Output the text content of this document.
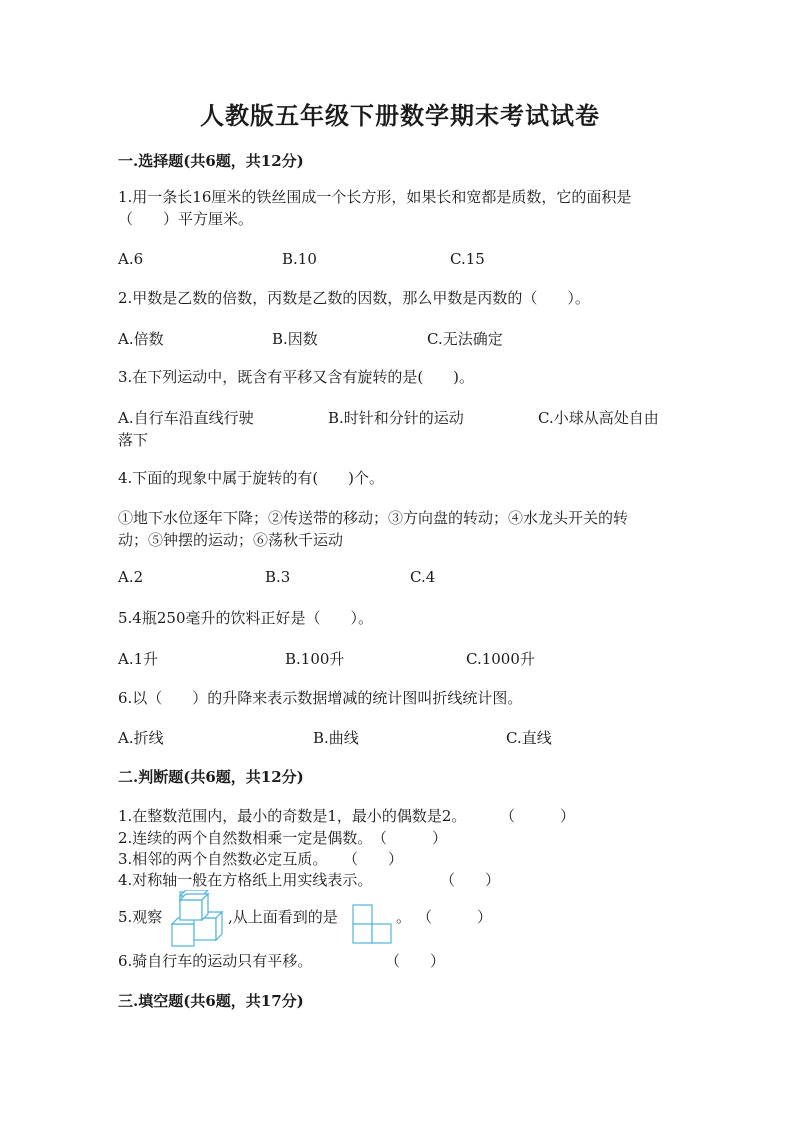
人教版五年级下册数学期末考试试卷
一.选择题(共6题，共12分)
1.用一条长16厘米的铁丝围成一个长方形，如果长和宽都是质数，它的面积是
（　　）平方厘米。
A.6	B.10	C.15
2.甲数是乙数的倍数，丙数是乙数的因数，那么甲数是丙数的（　　）。
A.倍数	B.因数	C.无法确定
3.在下列运动中，既含有平移又含有旋转的是(　　)。
A.自行车沿直线行驶	B.时针和分针的运动	C.小球从高处自由
落下
4.下面的现象中属于旋转的有(　　)个。
①地下水位逐年下降；②传送带的移动；③方向盘的转动；④水龙头开关的转
动；⑤钟摆的运动；⑥荡秋千运动
A.2	B.3	C.4
5.4瓶250毫升的饮料正好是（　　）。
A.1升	B.100升	C.1000升
6.以（　　）的升降来表示数据增减的统计图叫折线统计图。
A.折线	B.曲线	C.直线
二.判断题(共6题，共12分)
1.在整数范围内，最小的奇数是1，最小的偶数是2。 （　　　）
2.连续的两个自然数相乘一定是偶数。 （　　　）
3.相邻的两个自然数必定互质。 （　　）
4.对称轴一般在方格纸上用实线表示。	（　　）
5.观察	,从上面看到的是	。 （　　　）
6.骑自行车的运动只有平移。	（　　）
三.填空题(共6题，共17分)
